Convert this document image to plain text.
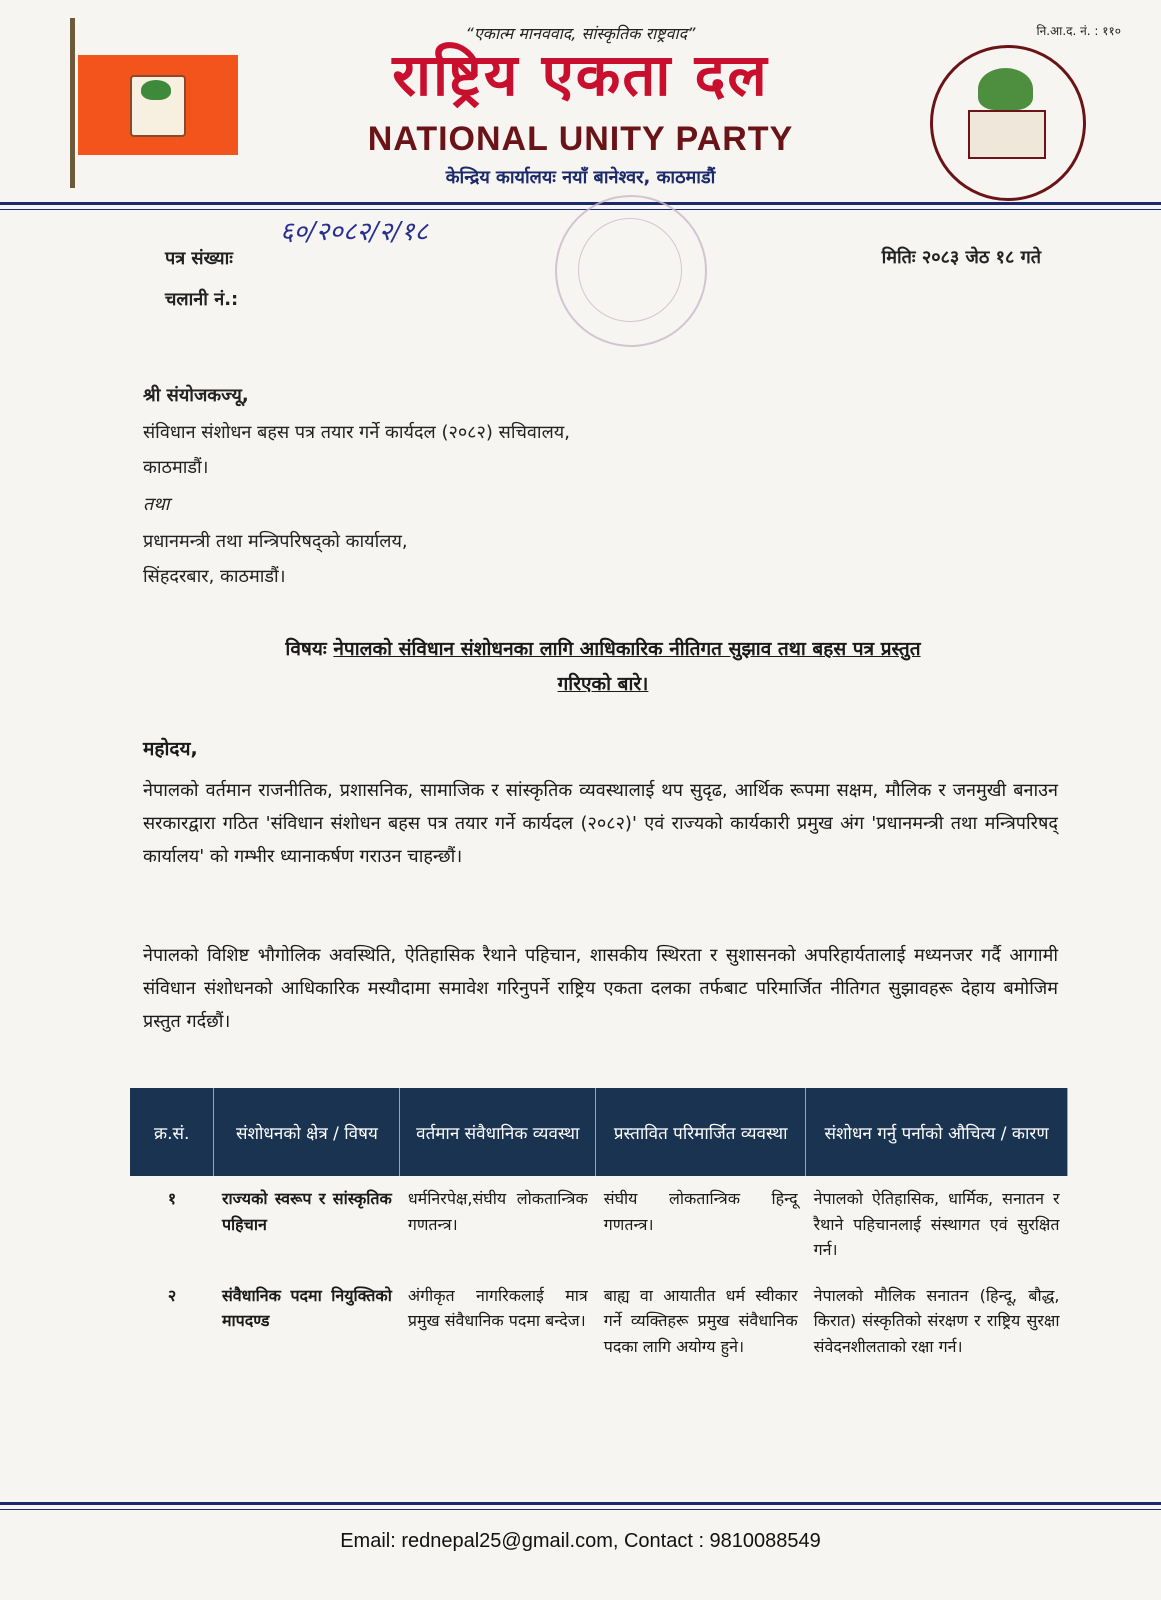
“एकात्म मानववाद, सांस्कृतिक राष्ट्रवाद”	नि.आ.द. नं. : ११०
राष्ट्रिय एकता दल
NATIONAL UNITY PARTY
केन्द्रिय कार्यालयः नयाँ बानेश्वर, काठमाडौं
६०/२०८२/२/१८
पत्र संख्याः
चलानी नं.:
मितिः २०८३ जेठ १८ गते
श्री संयोजकज्यू,
संविधान संशोधन बहस पत्र तयार गर्ने कार्यदल (२०८२) सचिवालय,
काठमाडौं।
तथा
प्रधानमन्त्री तथा मन्त्रिपरिषद्को कार्यालय,
सिंहदरबार, काठमाडौं।
विषयः नेपालको संविधान संशोधनका लागि आधिकारिक नीतिगत सुझाव तथा बहस पत्र प्रस्तुत
गरिएको बारे।
महोदय,
नेपालको वर्तमान राजनीतिक, प्रशासनिक, सामाजिक र सांस्कृतिक व्यवस्थालाई थप सुदृढ, आर्थिक रूपमा सक्षम, मौलिक र जनमुखी बनाउन सरकारद्वारा गठित 'संविधान संशोधन बहस पत्र तयार गर्ने कार्यदल (२०८२)' एवं राज्यको कार्यकारी प्रमुख अंग 'प्रधानमन्त्री तथा मन्त्रिपरिषद् कार्यालय' को गम्भीर ध्यानाकर्षण गराउन चाहन्छौं।
नेपालको विशिष्ट भौगोलिक अवस्थिति, ऐतिहासिक रैथाने पहिचान, शासकीय स्थिरता र सुशासनको अपरिहार्यतालाई मध्यनजर गर्दै आगामी संविधान संशोधनको आधिकारिक मस्यौदामा समावेश गरिनुपर्ने राष्ट्रिय एकता दलका तर्फबाट परिमार्जित नीतिगत सुझावहरू देहाय बमोजिम प्रस्तुत गर्दछौं।
क्र.सं.	संशोधनको क्षेत्र / विषय	वर्तमान संवैधानिक व्यवस्था	प्रस्तावित परिमार्जित व्यवस्था	संशोधन गर्नु पर्नाको औचित्य / कारण
१	राज्यको स्वरूप र सांस्कृतिक पहिचान	धर्मनिरपेक्ष,संघीय लोकतान्त्रिक गणतन्त्र।	संघीय लोकतान्त्रिक हिन्दू गणतन्त्र।	नेपालको ऐतिहासिक, धार्मिक, सनातन र रैथाने पहिचानलाई संस्थागत एवं सुरक्षित गर्न।
२	संवैधानिक पदमा नियुक्तिको मापदण्ड	अंगीकृत नागरिकलाई मात्र प्रमुख संवैधानिक पदमा बन्देज।	बाह्य वा आयातीत धर्म स्वीकार गर्ने व्यक्तिहरू प्रमुख संवैधानिक पदका लागि अयोग्य हुने।	नेपालको मौलिक सनातन (हिन्दू, बौद्ध, किरात) संस्कृतिको संरक्षण र राष्ट्रिय सुरक्षा संवेदनशीलताको रक्षा गर्न।
Email: rednepal25@gmail.com, Contact : 9810088549
